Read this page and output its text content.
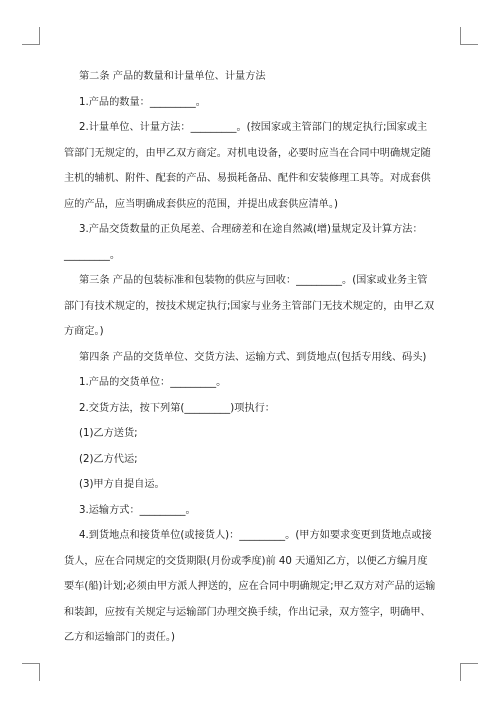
第二条 产品的数量和计量单位、计量方法

1.产品的数量：_________。

2.计量单位、计量方法：_________。(按国家或主管部门的规定执行;国家或主管部门无规定的，由甲乙双方商定。对机电设备，必要时应当在合同中明确规定随主机的辅机、附件、配套的产品、易损耗备品、配件和安装修理工具等。对成套供应的产品，应当明确成套供应的范围，并提出成套供应清单。)

3.产品交货数量的正负尾差、合理磅差和在途自然减(增)量规定及计算方法：_________。

第三条 产品的包装标准和包装物的供应与回收：_________。(国家或业务主管部门有技术规定的，按技术规定执行;国家与业务主管部门无技术规定的，由甲乙双方商定。)

第四条 产品的交货单位、交货方法、运输方式、到货地点(包括专用线、码头)

1.产品的交货单位：_________。

2.交货方法，按下列第(_________)项执行：

(1)乙方送货;

(2)乙方代运;

(3)甲方自提自运。

3.运输方式：_________。

4.到货地点和接货单位(或接货人)：_________。(甲方如要求变更到货地点或接货人，应在合同规定的交货期限(月份或季度)前 40 天通知乙方，以便乙方编月度要车(船)计划;必须由甲方派人押送的，应在合同中明确规定;甲乙双方对产品的运输和装卸，应按有关规定与运输部门办理交换手续，作出记录，双方签字，明确甲、乙方和运输部门的责任。)
